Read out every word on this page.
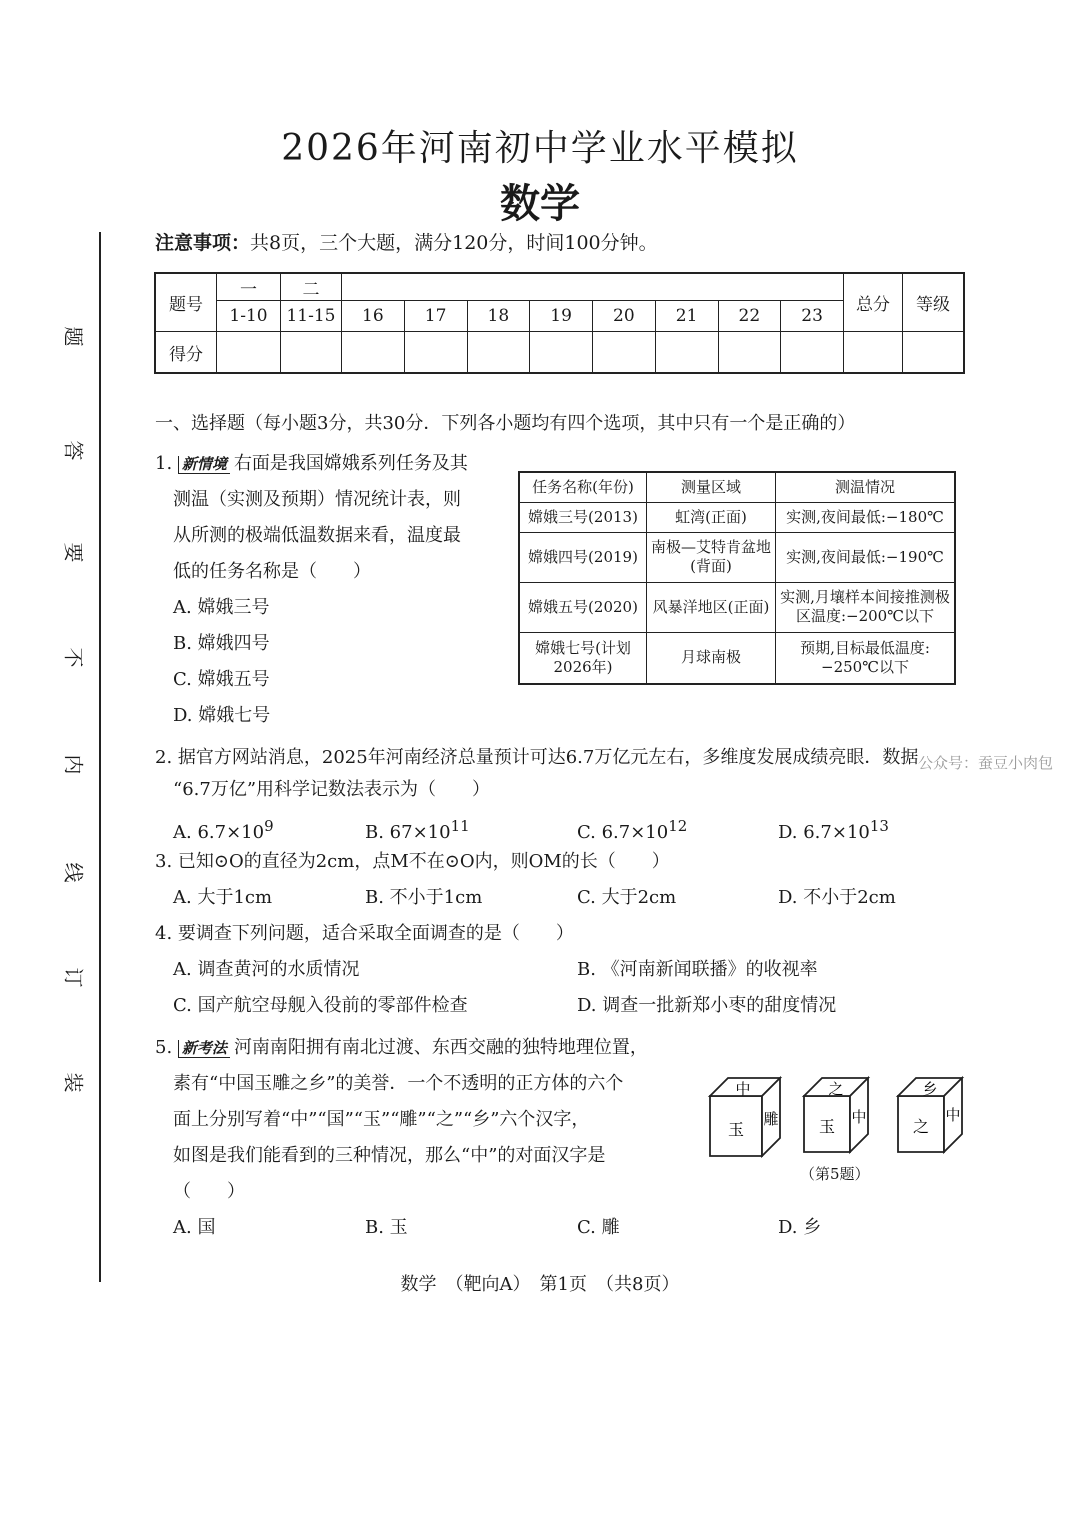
2026年河南初中学业水平模拟
数学
注意事项：共8页，三个大题，满分120分，时间100分钟。
题
答
要
不
内
线
订
装
题号	一	二									总分	等级
	1-10	11-15	16	17	18	19	20	21	22	23		
得分												
一、选择题（每小题3分，共30分．下列各小题均有四个选项，其中只有一个是正确的）
1. 新情境 右面是我国嫦娥系列任务及其
测温（实测及预期）情况统计表，则
从所测的极端低温数据来看，温度最
低的任务名称是（　　）
A. 嫦娥三号
B. 嫦娥四号
C. 嫦娥五号
D. 嫦娥七号
任务名称(年份)	测量区域	测温情况
嫦娥三号(2013)	虹湾(正面)	实测,夜间最低:−180℃
嫦娥四号(2019)	南极—艾特肯盆地(背面)	实测,夜间最低:−190℃
嫦娥五号(2020)	风暴洋地区(正面)	实测,月壤样本间接推测极区温度:−200℃以下
嫦娥七号(计划2026年)	月球南极	预期,目标最低温度:−250℃以下
2. 据官方网站消息，2025年河南经济总量预计可达6.7万亿元左右，多维度发展成绩亮眼．数据
“6.7万亿”用科学记数法表示为（　　）
A. $6.7\times 10^9$	B. $67\times 10^{11}$	C. $6.7\times 10^{12}$	D. $6.7\times 10^{13}$
公众号：蚕豆小肉包
3. 已知⊙O的直径为2cm，点M不在⊙O内，则OM的长（　　）
A. 大于1cm	B. 不小于1cm	C. 大于2cm	D. 不小于2cm
4. 要调查下列问题，适合采取全面调查的是（　　）
A. 调查黄河的水质情况	B. 《河南新闻联播》的收视率
C. 国产航空母舰入役前的零部件检查	D. 调查一批新郑小枣的甜度情况
5. 新考法 河南南阳拥有南北过渡、东西交融的独特地理位置，
素有“中国玉雕之乡”的美誉．一个不透明的正方体的六个
面上分别写着“中”“国”“玉”“雕”“之”“乡”六个汉字，
如图是我们能看到的三种情况，那么“中”的对面汉字是
（　　）
A. 国	B. 玉	C. 雕	D. 乡
中
玉
雕
之
玉 中
乡
之
中
（第5题）
数学　（靶向A）　第1页　（共8页）
